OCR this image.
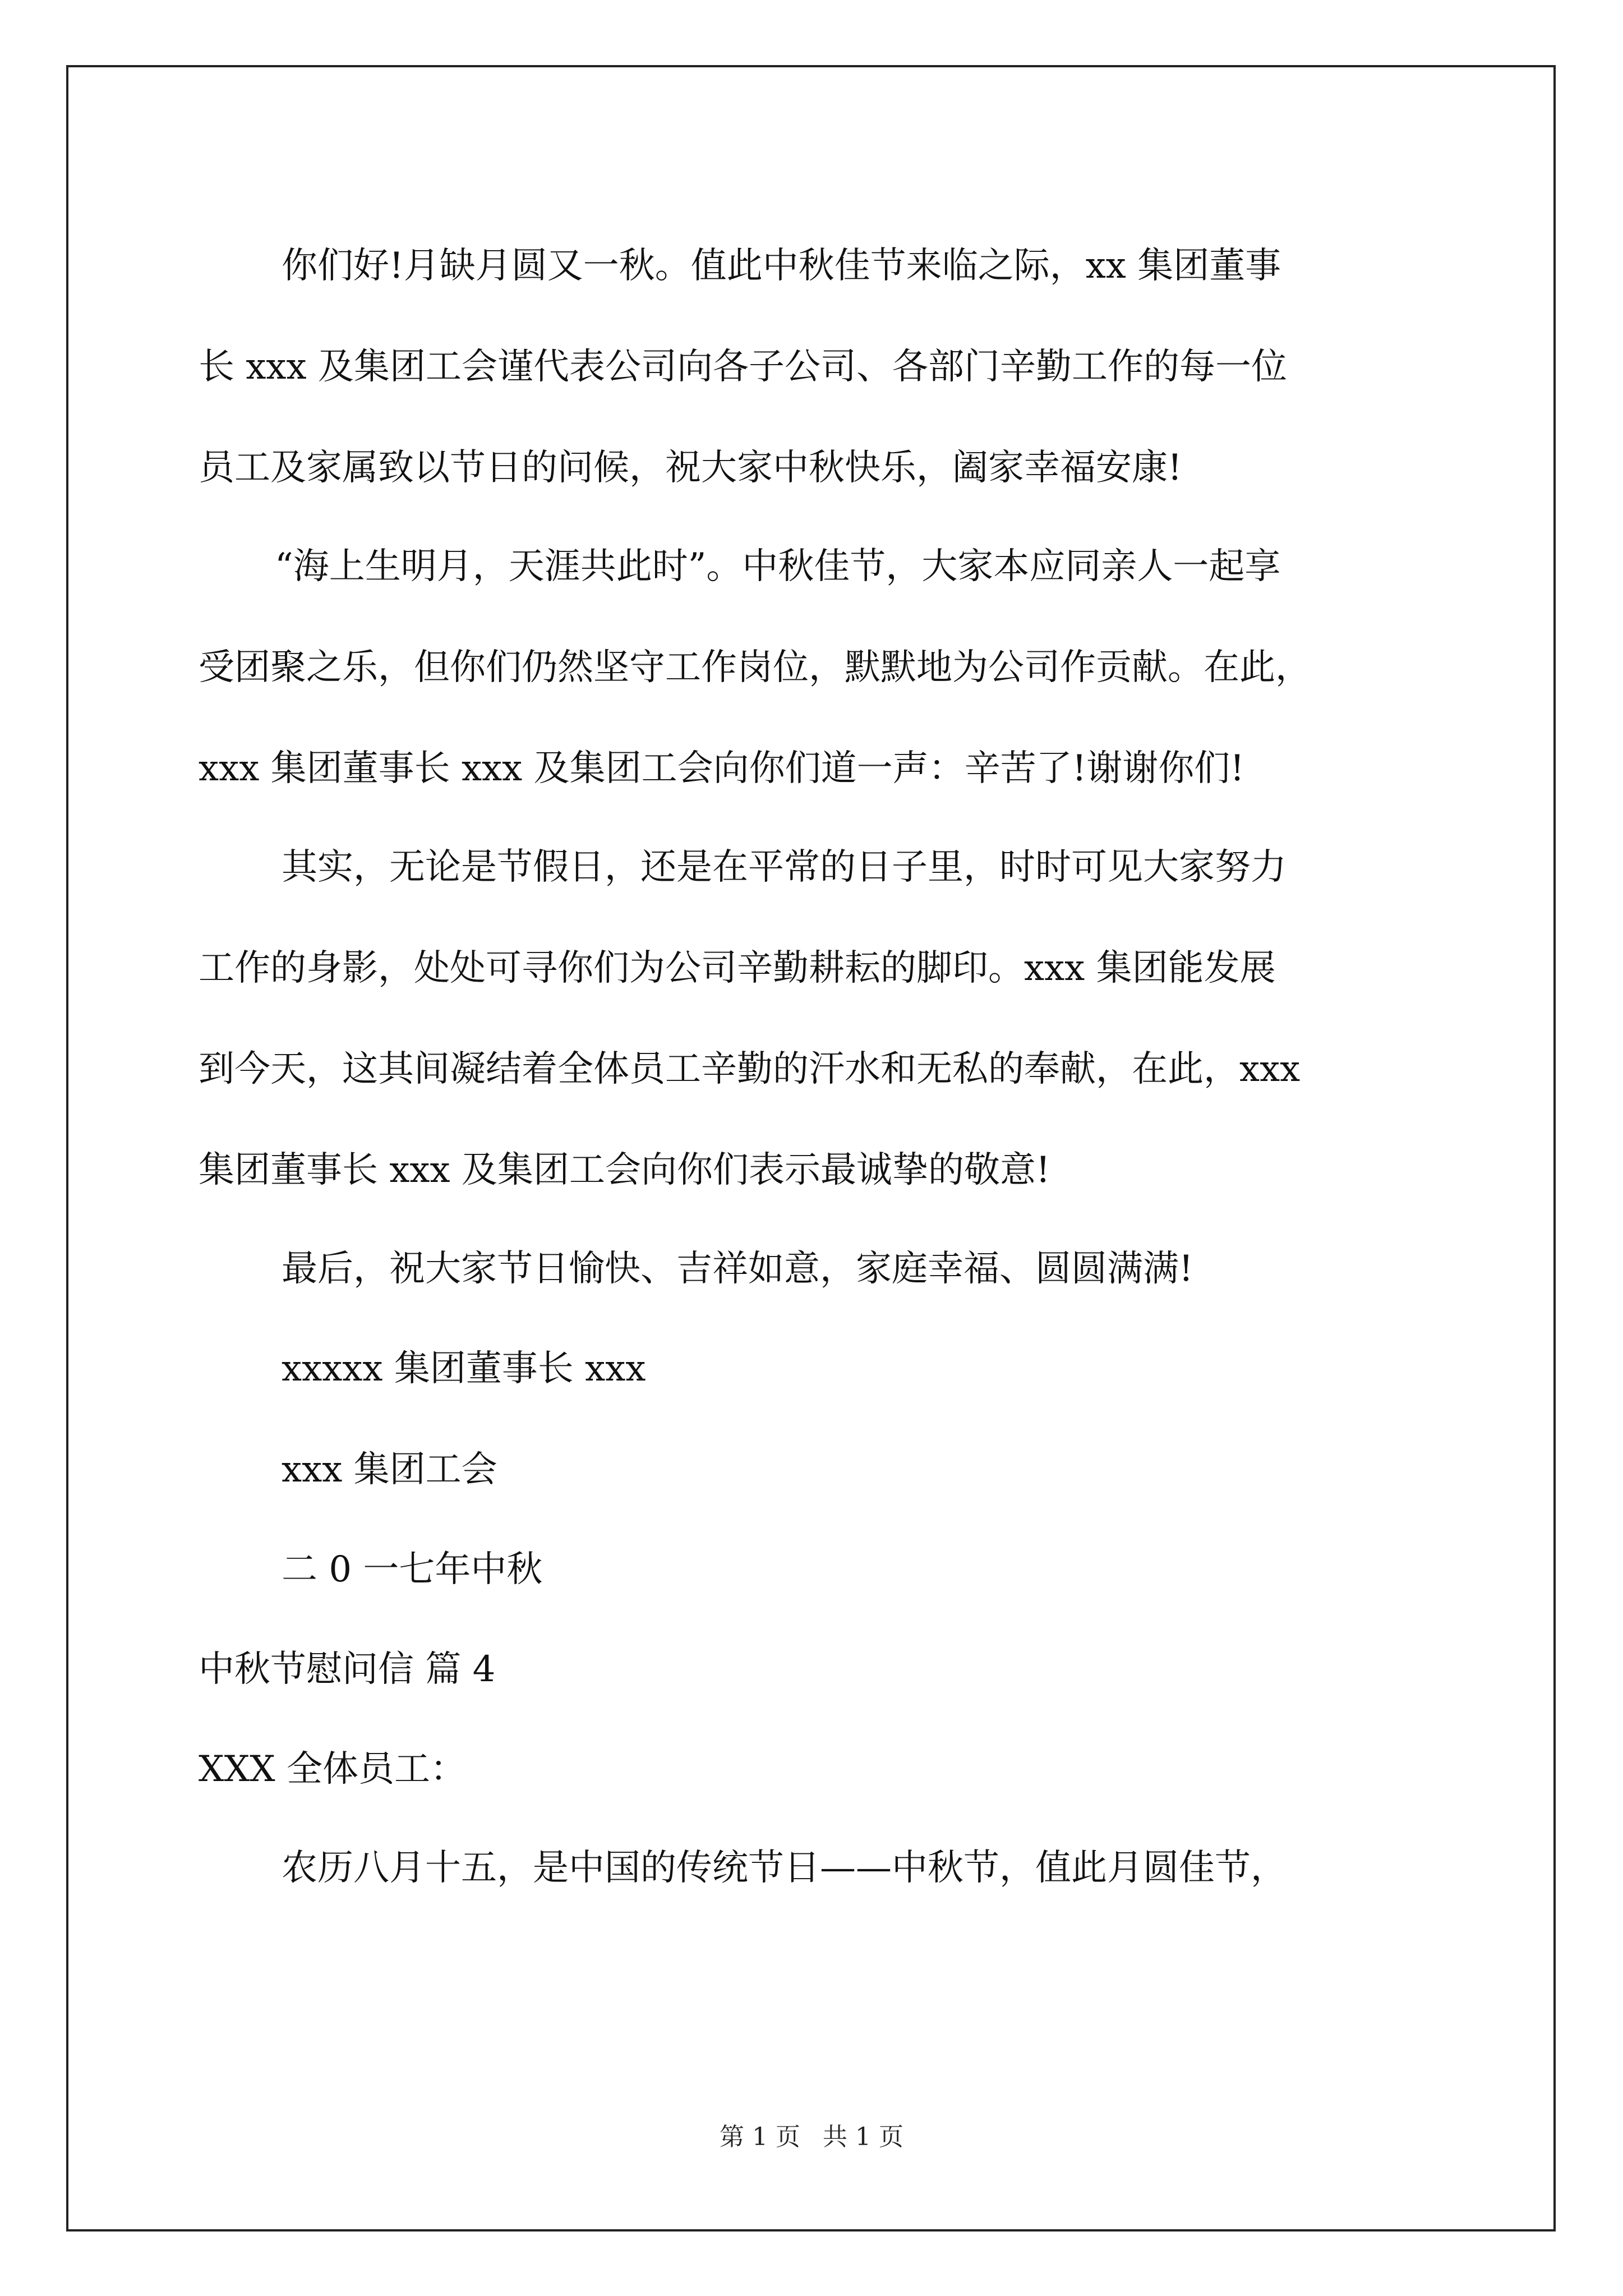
你们好!月缺月圆又一秋。值此中秋佳节来临之际，xx 集团董事
长 xxx 及集团工会谨代表公司向各子公司、各部门辛勤工作的每一位
员工及家属致以节日的问候，祝大家中秋快乐，阖家幸福安康!
“海上生明月，天涯共此时”。中秋佳节，大家本应同亲人一起享
受团聚之乐，但你们仍然坚守工作岗位，默默地为公司作贡献。在此，
xxx 集团董事长 xxx 及集团工会向你们道一声：辛苦了!谢谢你们!
其实，无论是节假日，还是在平常的日子里，时时可见大家努力
工作的身影，处处可寻你们为公司辛勤耕耘的脚印。xxx 集团能发展
到今天，这其间凝结着全体员工辛勤的汗水和无私的奉献，在此，xxx
集团董事长 xxx 及集团工会向你们表示最诚挚的敬意!
最后，祝大家节日愉快、吉祥如意，家庭幸福、圆圆满满!
xxxxx 集团董事长 xxx
xxx 集团工会
二 0 一七年中秋
中秋节慰问信 篇 4
XXX 全体员工：
农历八月十五，是中国的传统节日——中秋节，值此月圆佳节，
第 1 页 共 1 页
